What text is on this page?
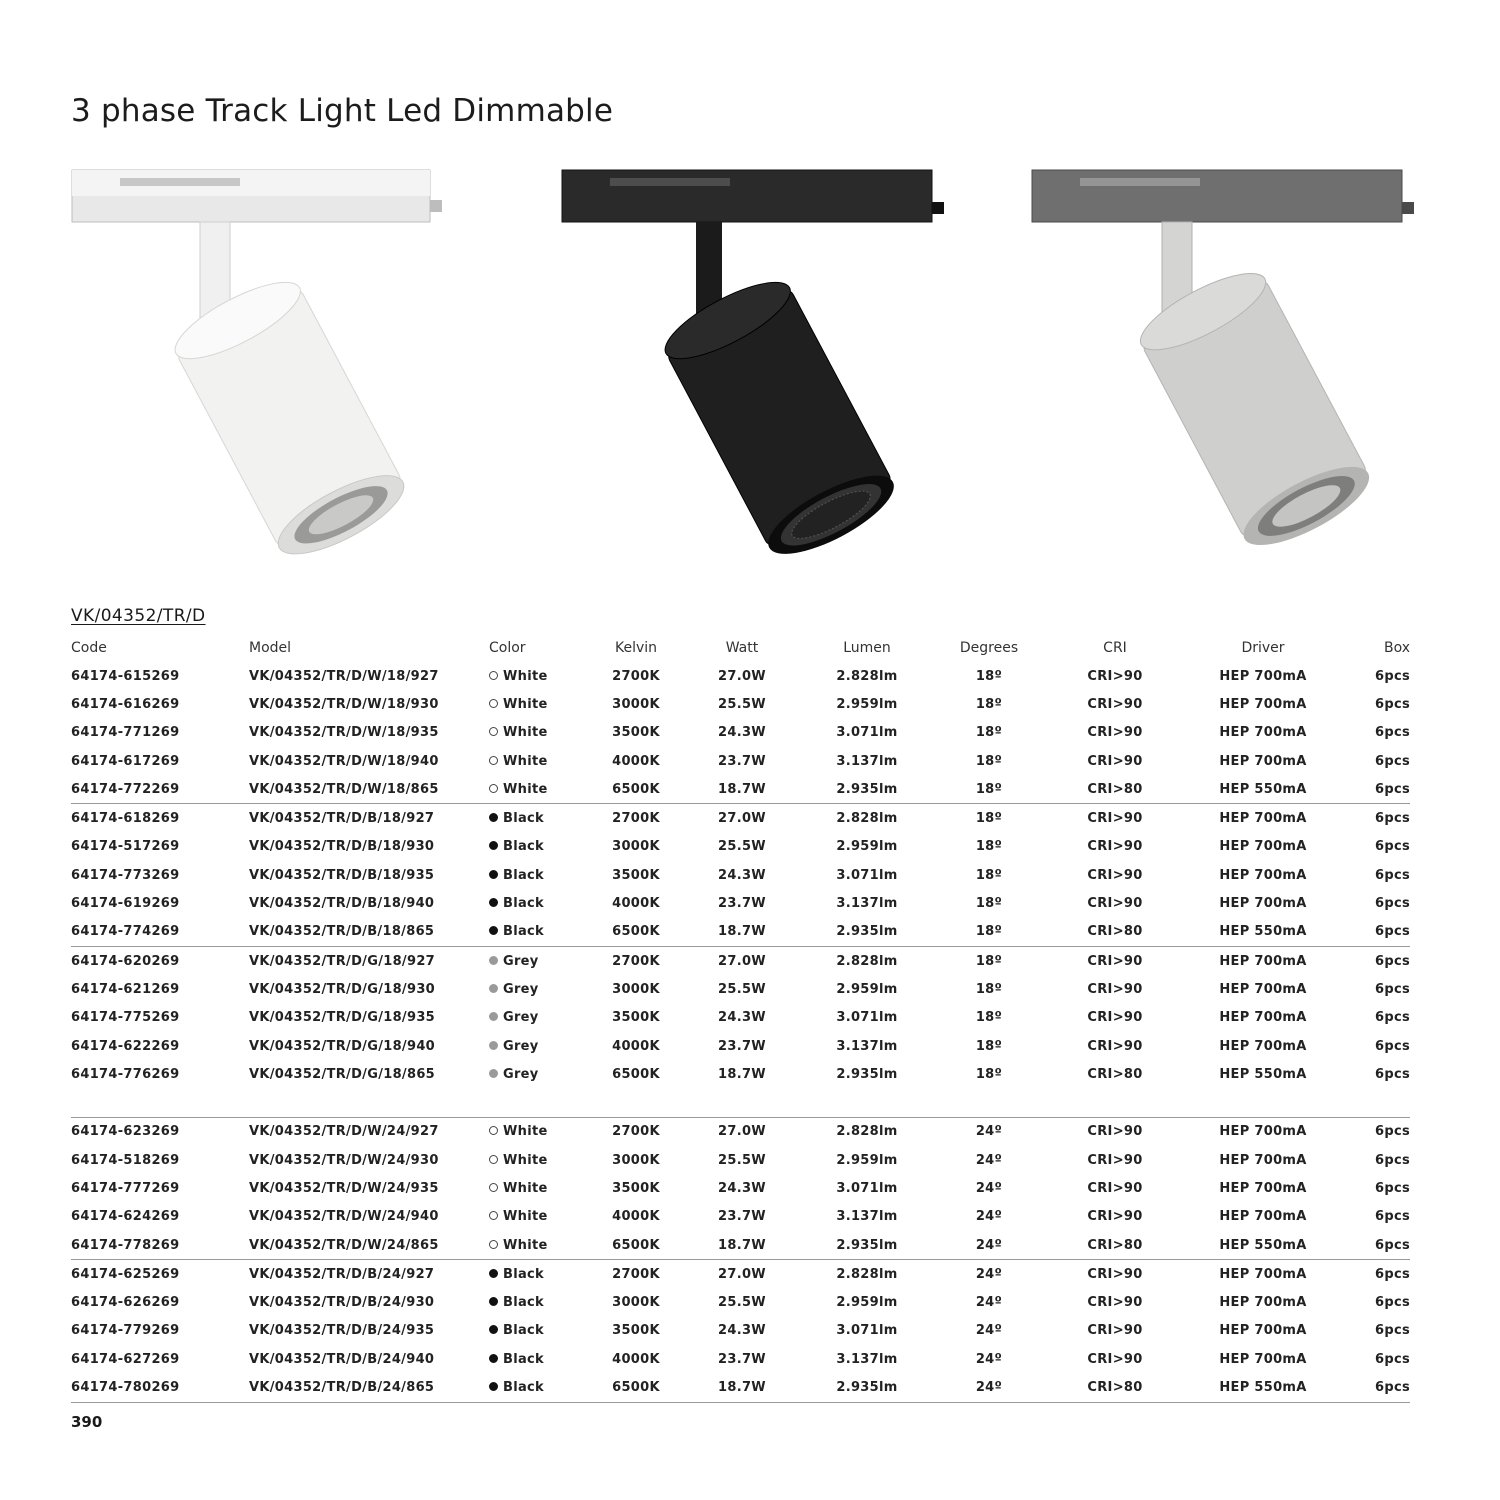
3 phase Track Light Led Dimmable
VK/04352/TR/D
Code	Model	Color	Kelvin	Watt	Lumen	Degrees	CRI	Driver	Box
64174-615269	VK/04352/TR/D/W/18/927	White	2700K	27.0W	2.828lm	18º	CRI>90	HEP 700mA	6pcs
64174-616269	VK/04352/TR/D/W/18/930	White	3000K	25.5W	2.959lm	18º	CRI>90	HEP 700mA	6pcs
64174-771269	VK/04352/TR/D/W/18/935	White	3500K	24.3W	3.071lm	18º	CRI>90	HEP 700mA	6pcs
64174-617269	VK/04352/TR/D/W/18/940	White	4000K	23.7W	3.137lm	18º	CRI>90	HEP 700mA	6pcs
64174-772269	VK/04352/TR/D/W/18/865	White	6500K	18.7W	2.935lm	18º	CRI>80	HEP 550mA	6pcs
64174-618269	VK/04352/TR/D/B/18/927	Black	2700K	27.0W	2.828lm	18º	CRI>90	HEP 700mA	6pcs
64174-517269	VK/04352/TR/D/B/18/930	Black	3000K	25.5W	2.959lm	18º	CRI>90	HEP 700mA	6pcs
64174-773269	VK/04352/TR/D/B/18/935	Black	3500K	24.3W	3.071lm	18º	CRI>90	HEP 700mA	6pcs
64174-619269	VK/04352/TR/D/B/18/940	Black	4000K	23.7W	3.137lm	18º	CRI>90	HEP 700mA	6pcs
64174-774269	VK/04352/TR/D/B/18/865	Black	6500K	18.7W	2.935lm	18º	CRI>80	HEP 550mA	6pcs
64174-620269	VK/04352/TR/D/G/18/927	Grey	2700K	27.0W	2.828lm	18º	CRI>90	HEP 700mA	6pcs
64174-621269	VK/04352/TR/D/G/18/930	Grey	3000K	25.5W	2.959lm	18º	CRI>90	HEP 700mA	6pcs
64174-775269	VK/04352/TR/D/G/18/935	Grey	3500K	24.3W	3.071lm	18º	CRI>90	HEP 700mA	6pcs
64174-622269	VK/04352/TR/D/G/18/940	Grey	4000K	23.7W	3.137lm	18º	CRI>90	HEP 700mA	6pcs
64174-776269	VK/04352/TR/D/G/18/865	Grey	6500K	18.7W	2.935lm	18º	CRI>80	HEP 550mA	6pcs

64174-623269	VK/04352/TR/D/W/24/927	White	2700K	27.0W	2.828lm	24º	CRI>90	HEP 700mA	6pcs
64174-518269	VK/04352/TR/D/W/24/930	White	3000K	25.5W	2.959lm	24º	CRI>90	HEP 700mA	6pcs
64174-777269	VK/04352/TR/D/W/24/935	White	3500K	24.3W	3.071lm	24º	CRI>90	HEP 700mA	6pcs
64174-624269	VK/04352/TR/D/W/24/940	White	4000K	23.7W	3.137lm	24º	CRI>90	HEP 700mA	6pcs
64174-778269	VK/04352/TR/D/W/24/865	White	6500K	18.7W	2.935lm	24º	CRI>80	HEP 550mA	6pcs
64174-625269	VK/04352/TR/D/B/24/927	Black	2700K	27.0W	2.828lm	24º	CRI>90	HEP 700mA	6pcs
64174-626269	VK/04352/TR/D/B/24/930	Black	3000K	25.5W	2.959lm	24º	CRI>90	HEP 700mA	6pcs
64174-779269	VK/04352/TR/D/B/24/935	Black	3500K	24.3W	3.071lm	24º	CRI>90	HEP 700mA	6pcs
64174-627269	VK/04352/TR/D/B/24/940	Black	4000K	23.7W	3.137lm	24º	CRI>90	HEP 700mA	6pcs
64174-780269	VK/04352/TR/D/B/24/865	Black	6500K	18.7W	2.935lm	24º	CRI>80	HEP 550mA	6pcs

390
